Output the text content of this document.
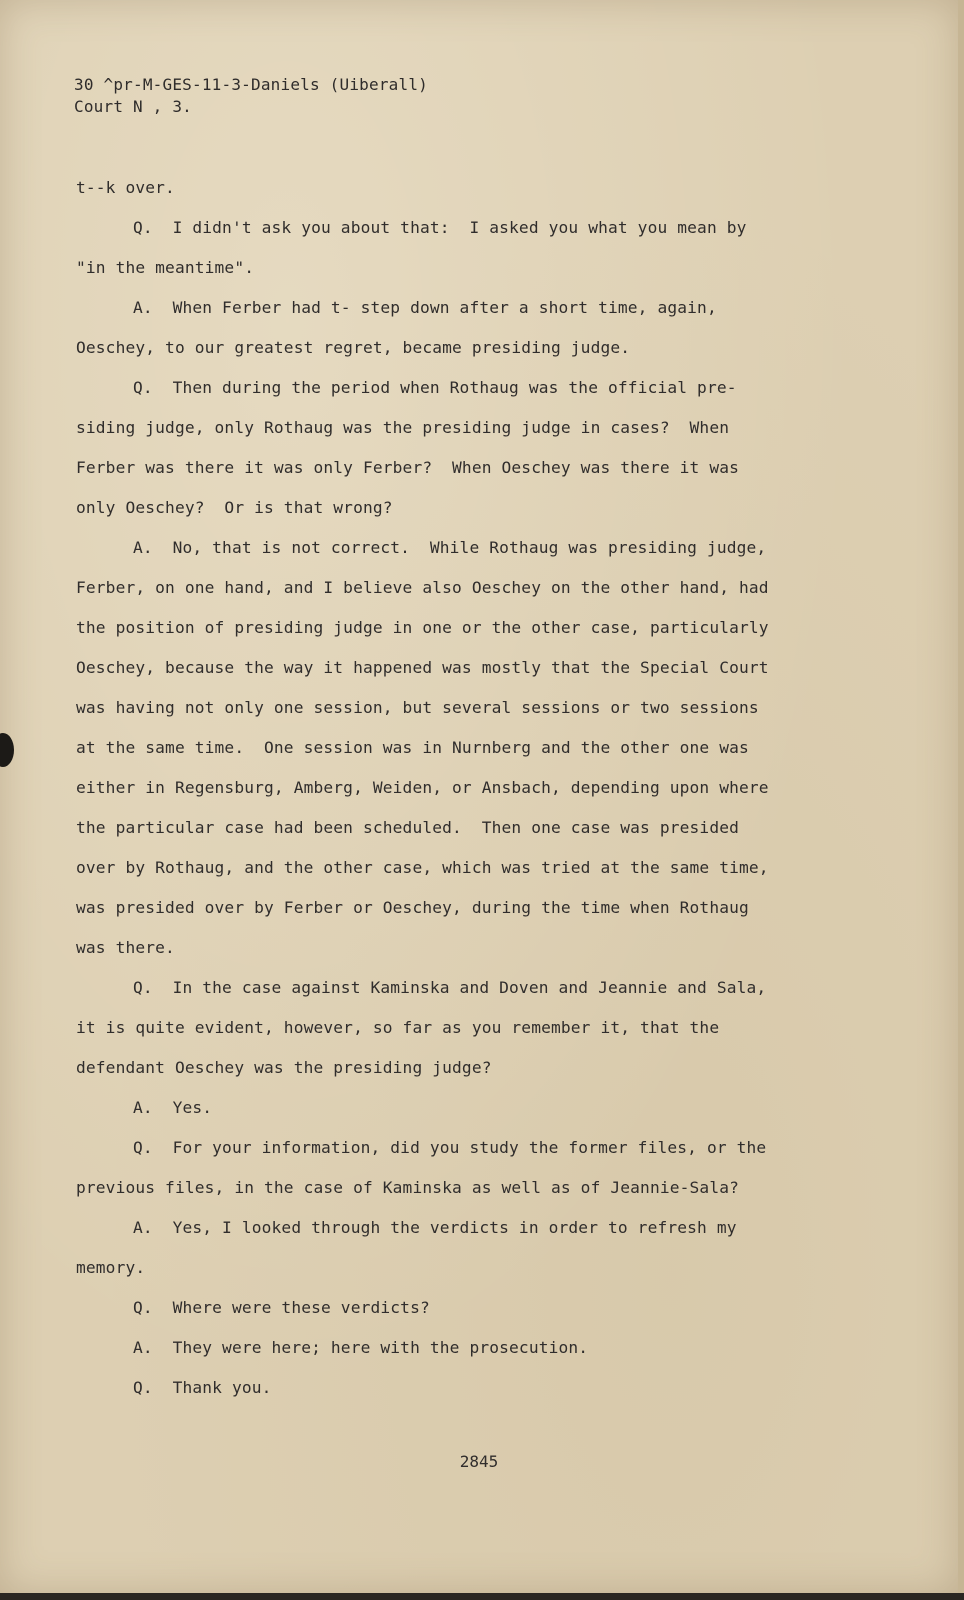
30 ^pr-M-GES-11-3-Daniels (Uiberall)
Court N , 3.
t--k over.
Q.  I didn't ask you about that:  I asked you what you mean by
"in the meantime".
A.  When Ferber had t- step down after a short time, again,
Oeschey, to our greatest regret, became presiding judge.
Q.  Then during the period when Rothaug was the official pre-
siding judge, only Rothaug was the presiding judge in cases?  When
Ferber was there it was only Ferber?  When Oeschey was there it was
only Oeschey?  Or is that wrong?
A.  No, that is not correct.  While Rothaug was presiding judge,
Ferber, on one hand, and I believe also Oeschey on the other hand, had
the position of presiding judge in one or the other case, particularly
Oeschey, because the way it happened was mostly that the Special Court
was having not only one session, but several sessions or two sessions
at the same time.  One session was in Nurnberg and the other one was
either in Regensburg, Amberg, Weiden, or Ansbach, depending upon where
the particular case had been scheduled.  Then one case was presided
over by Rothaug, and the other case, which was tried at the same time,
was presided over by Ferber or Oeschey, during the time when Rothaug
was there.
Q.  In the case against Kaminska and Doven and Jeannie and Sala,
it is quite evident, however, so far as you remember it, that the
defendant Oeschey was the presiding judge?
A.  Yes.
Q.  For your information, did you study the former files, or the
previous files, in the case of Kaminska as well as of Jeannie-Sala?
A.  Yes, I looked through the verdicts in order to refresh my
memory.
Q.  Where were these verdicts?
A.  They were here; here with the prosecution.
Q.  Thank you.
2845
